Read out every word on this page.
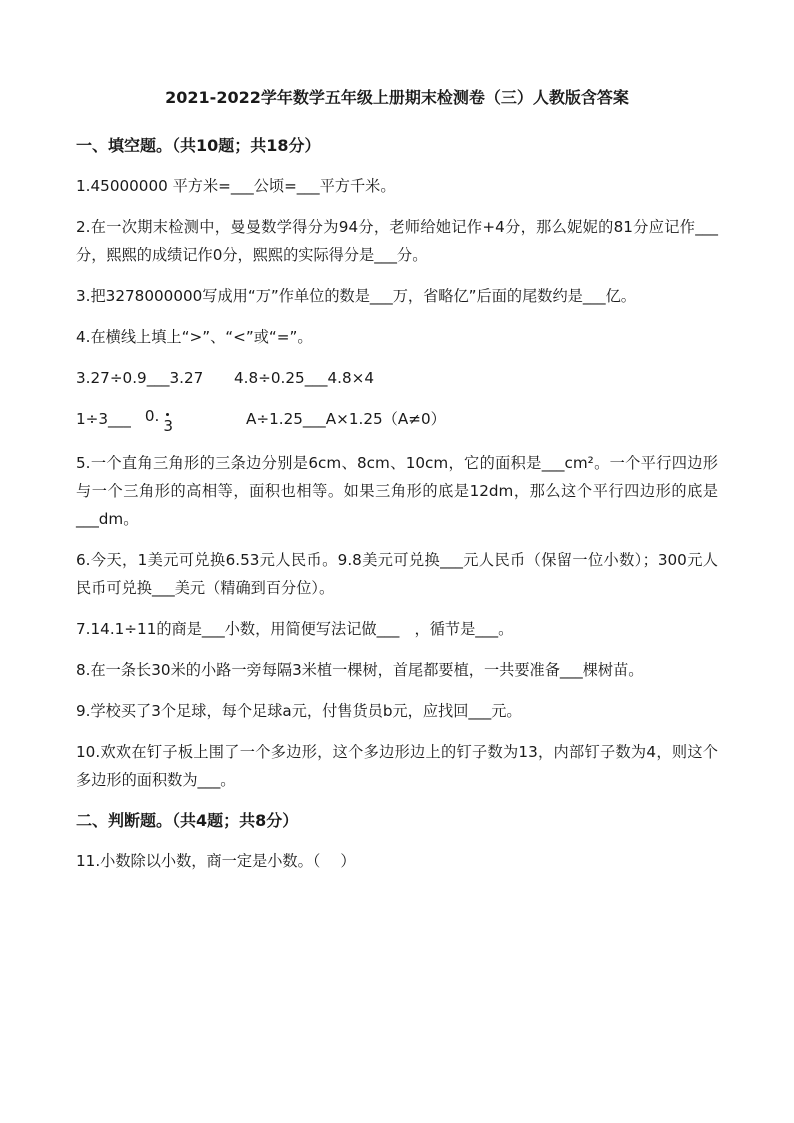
2021-2022学年数学五年级上册期末检测卷（三）人教版含答案
一、填空题。（共10题；共18分）
1.45000000 平方米=___公顷=___平方千米。
2.在一次期末检测中，曼曼数学得分为94分，老师给她记作+4分，那么妮妮的81分应记作___分，熙熙的成绩记作0分，熙熙的实际得分是___分。
3.把3278000000写成用“万”作单位的数是___万，省略亿”后面的尾数约是___亿。
4.在横线上填上“>”、“<”或“=”。
3.27÷0.9___3.27	4.8÷0.25___4.8×4
1÷3___ 0.3	A÷1.25___A×1.25（A≠0）
5.一个直角三角形的三条边分别是6cm、8cm、10cm，它的面积是___cm²。一个平行四边形与一个三角形的高相等，面积也相等。如果三角形的底是12dm，那么这个平行四边形的底是___dm。
6.今天，1美元可兑换6.53元人民币。9.8美元可兑换___元人民币（保留一位小数）；300元人民币可兑换___美元（精确到百分位）。
7.14.1÷11的商是___小数，用简便写法记做___　，循节是___。
8.在一条长30米的小路一旁每隔3米植一棵树，首尾都要植，一共要准备___棵树苗。
9.学校买了3个足球，每个足球a元，付售货员b元，应找回___元。
10.欢欢在钉子板上围了一个多边形，这个多边形边上的钉子数为13，内部钉子数为4，则这个多边形的面积数为___。
二、判断题。（共4题；共8分）
11.小数除以小数，商一定是小数。（　 ）
